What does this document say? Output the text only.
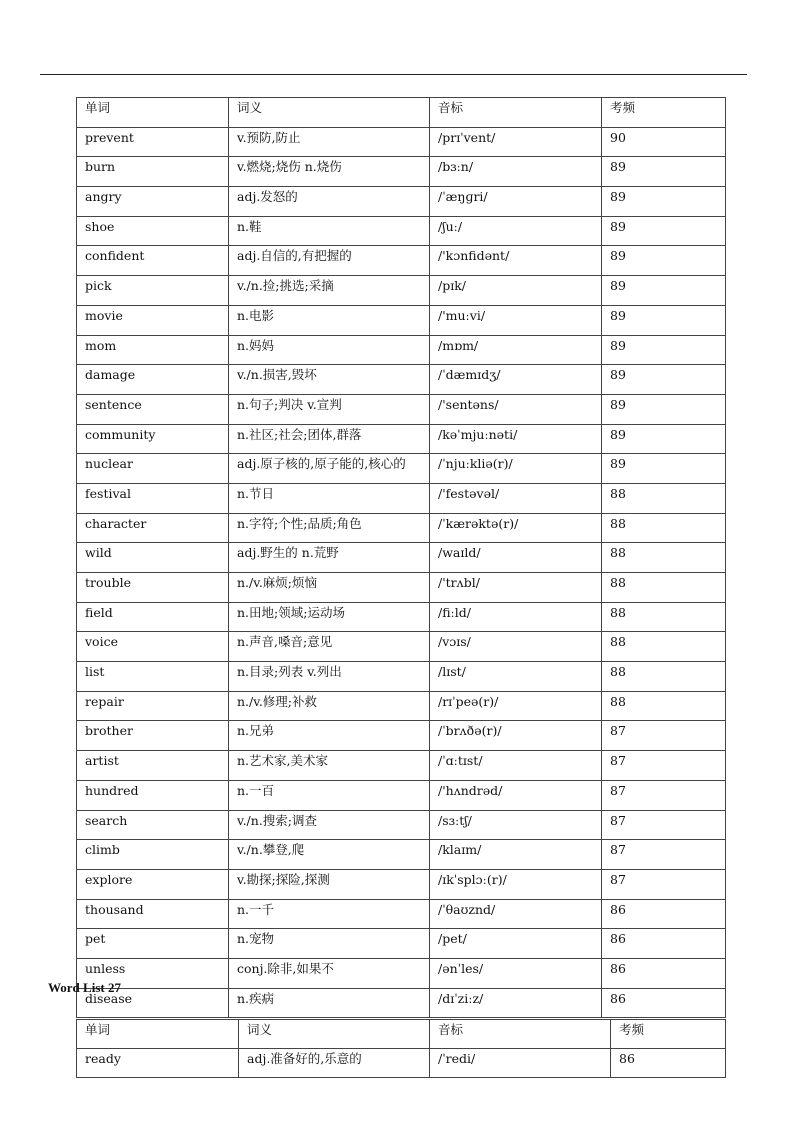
单词	词义	音标	考频
prevent	v.预防,防止	/prɪˈvent/	90
burn	v.燃烧;烧伤 n.烧伤	/bɜːn/	89
angry	adj.发怒的	/ˈæŋɡri/	89
shoe	n.鞋	/ʃuː/	89
confident	adj.自信的,有把握的	/'kɔnfidənt/	89
pick	v./n.捡;挑选;采摘	/pɪk/	89
movie	n.电影	/'muːvi/	89
mom	n.妈妈	/mɒm/	89
damage	v./n.损害,毁坏	/ˈdæmɪdʒ/	89
sentence	n.句子;判决 v.宣判	/'sentəns/	89
community	n.社区;社会;团体,群落	/kəˈmjuːnəti/	89
nuclear	adj.原子核的,原子能的,核心的	/ˈnjuːkliə(r)/	89
festival	n.节日	/'festəvəl/	88
character	n.字符;个性;品质;角色	/ˈkærəktə(r)/	88
wild	adj.野生的 n.荒野	/waɪld/	88
trouble	n./v.麻烦;烦恼	/'trʌbl/	88
field	n.田地;领域;运动场	/fiːld/	88
voice	n.声音,嗓音;意见	/vɔɪs/	88
list	n.目录;列表 v.列出	/lɪst/	88
repair	n./v.修理;补救	/rɪˈpeə(r)/	88
brother	n.兄弟	/ˈbrʌðə(r)/	87
artist	n.艺术家,美术家	/ˈɑːtɪst/	87
hundred	n.一百	/'hʌndrəd/	87
search	v./n.搜索;调查	/sɜːtʃ/	87
climb	v./n.攀登,爬	/klaɪm/	87
explore	v.勘探;探险,探测	/ɪkˈsplɔː(r)/	87
thousand	n.一千	/ˈθaʊznd/	86
pet	n.宠物	/pet/	86
unless	conj.除非,如果不	/ənˈles/	86
disease	n.疾病	/dɪˈziːz/	86
Word List 27
单词	词义	音标	考频
ready	adj.准备好的,乐意的	/ˈredi/	86
